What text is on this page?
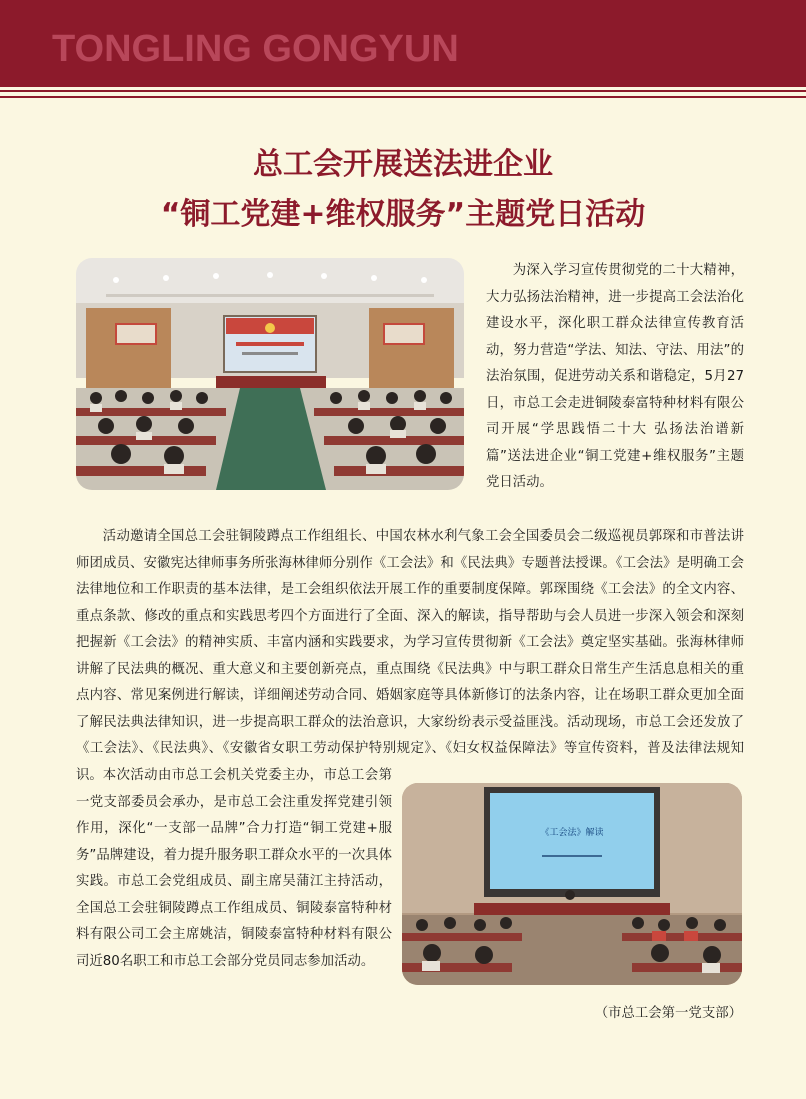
TONGLING GONGYUN
总工会开展送法进企业
“铜工党建+维权服务”主题党日活动
为深入学习宣传贯彻党的二十大精神，大力弘扬法治精神，进一步提高工会法治化建设水平，深化职工群众法律宣传教育活动，努力营造“学法、知法、守法、用法”的法治氛围，促进劳动关系和谐稳定，5月27日，市总工会走进铜陵泰富特种材料有限公司开展“学思践悟二十大 弘扬法治谱新篇”送法进企业“铜工党建+维权服务”主题党日活动。
活动邀请全国总工会驻铜陵蹲点工作组组长、中国农林水利气象工会全国委员会二级巡视员郭琛和市普法讲师团成员、安徽宪达律师事务所张海林律师分别作《工会法》和《民法典》专题普法授课。《工会法》是明确工会法律地位和工作职责的基本法律，是工会组织依法开展工作的重要制度保障。郭琛围绕《工会法》的全文内容、重点条款、修改的重点和实践思考四个方面进行了全面、深入的解读，指导帮助与会人员进一步深入领会和深刻把握新《工会法》的精神实质、丰富内涵和实践要求，为学习宣传贯彻新《工会法》奠定坚实基础。张海林律师讲解了民法典的概况、重大意义和主要创新亮点，重点围绕《民法典》中与职工群众日常生产生活息息相关的重点内容、常见案例进行解读，详细阐述劳动合同、婚姻家庭等具体新修订的法条内容，让在场职工群众更加全面了解民法典法律知识，进一步提高职工群众的法治意识，大家纷纷表示受益匪浅。活动现场，市总工会还发放了《工会法》、《民法典》、《安徽省女职工劳动保护特别规定》、《妇女权益保障法》等宣传资料，普及法律法规知识。 本次活动由市总工会机关党委主办，市总工会第一党支部委员会承办，是市总工会注重发挥党建引领作用，深化“一支部一品牌”合力打造“铜工党建+服务”品牌建设，着力提升服务职工群众水平的一次具体实践。市总工会党组成员、副主席吴蒲江主持活动，全国总工会驻铜陵蹲点工作组成员、铜陵泰富特种材料有限公司工会主席姚洁，铜陵泰富特种材料有限公司近80名职工和市总工会部分党员同志参加活动。
《工会法》解读
（市总工会第一党支部）
